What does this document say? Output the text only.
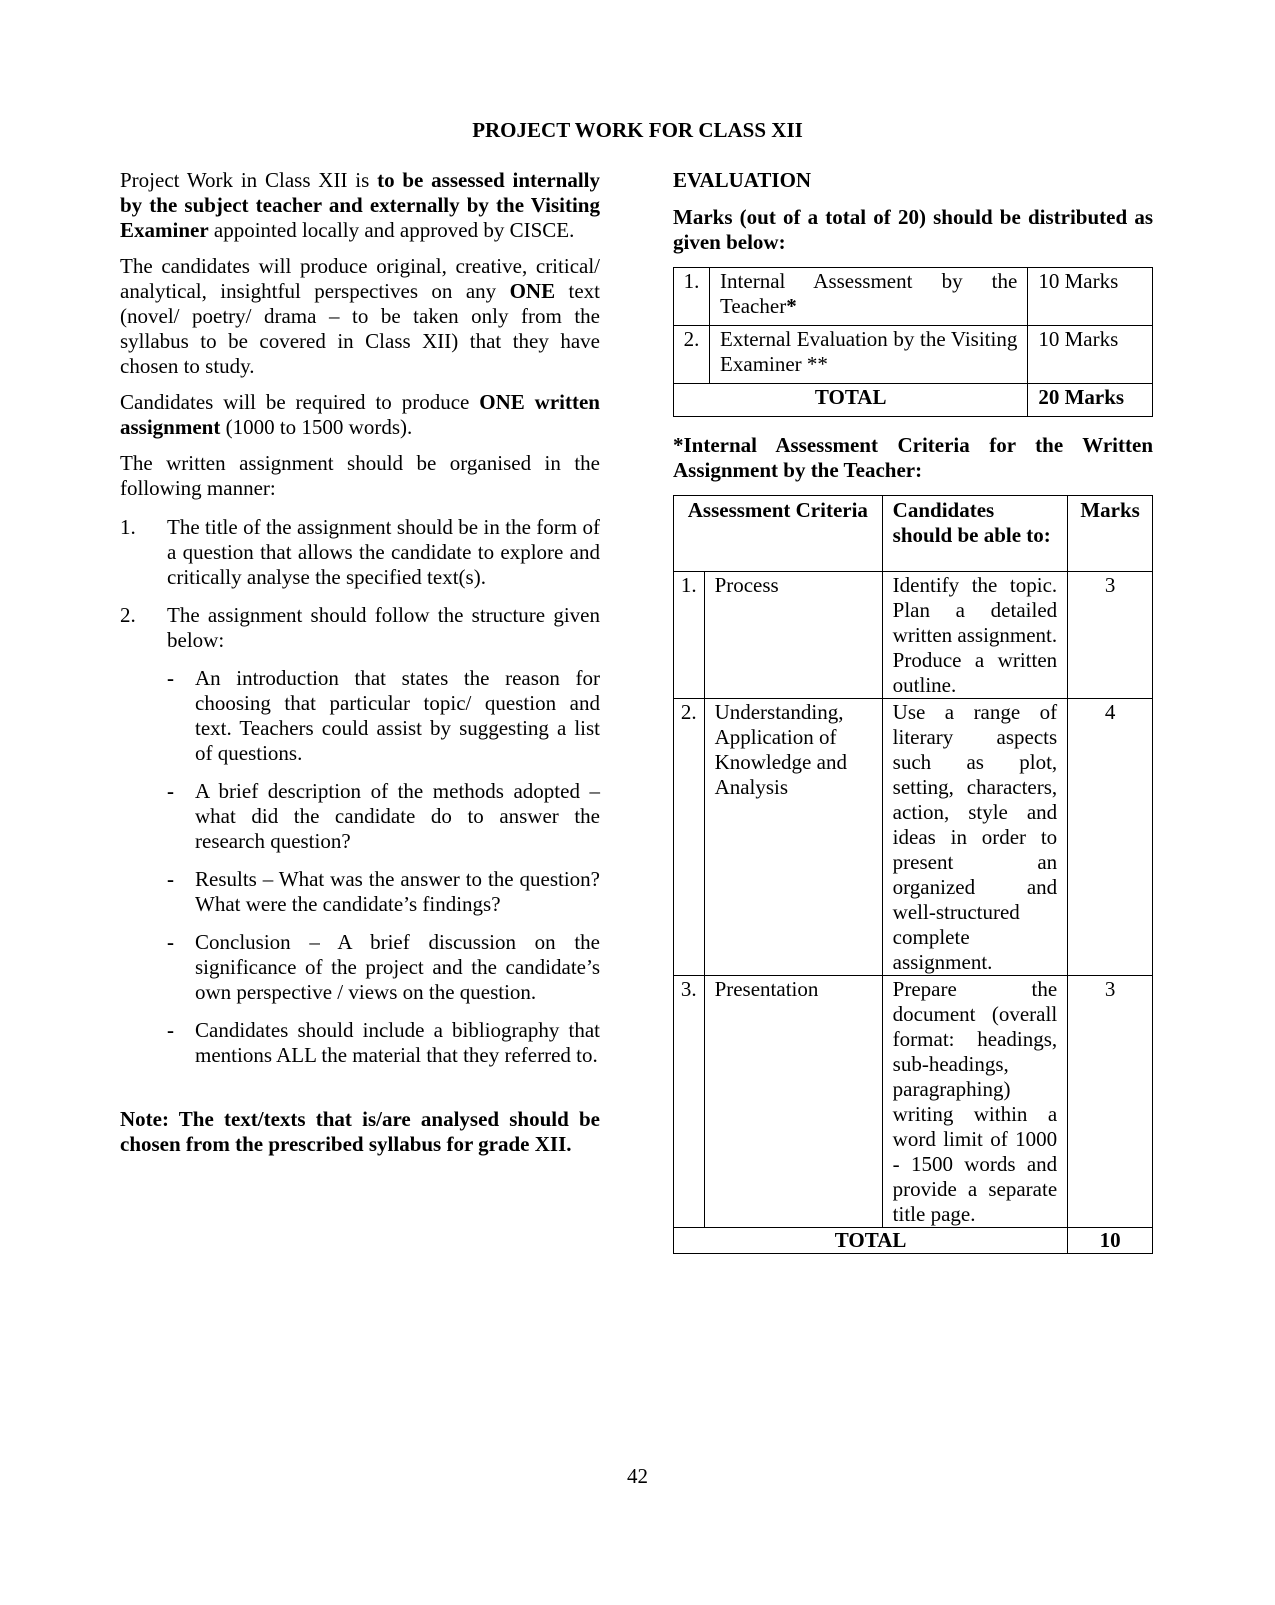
PROJECT WORK FOR CLASS XII

Project Work in Class XII is to be assessed internally by the subject teacher and externally by the Visiting Examiner appointed locally and approved by CISCE.

The candidates will produce original, creative, critical/ analytical, insightful perspectives on any ONE text (novel/ poetry/ drama – to be taken only from the syllabus to be covered in Class XII) that they have chosen to study.

Candidates will be required to produce ONE written assignment (1000 to 1500 words).

The written assignment should be organised in the following manner:

1.	The title of the assignment should be in the form of a question that allows the candidate to explore and critically analyse the specified text(s).
2.	The assignment should follow the structure given below:
-	An introduction that states the reason for choosing that particular topic/ question and text. Teachers could assist by suggesting a list of questions.
-	A brief description of the methods adopted – what did the candidate do to answer the research question?
-	Results – What was the answer to the question? What were the candidate’s findings?
-	Conclusion – A brief discussion on the significance of the project and the candidate’s own perspective / views on the question.
-	Candidates should include a bibliography that mentions ALL the material that they referred to.
Note: The text/texts that is/are analysed should be chosen from the prescribed syllabus for grade XII.
EVALUATION
Marks (out of a total of 20) should be distributed as given below:
1.	Internal Assessment by the Teacher*	10 Marks
2.	External Evaluation by the Visiting Examiner **	10 Marks
TOTAL		20 Marks
*Internal Assessment Criteria for the Written Assignment by the Teacher:
Assessment Criteria		Candidates should be able to:	Marks
1.	Process	Identify the topic. Plan a detailed written assignment. Produce a written outline.	3
2.	Understanding, Application of Knowledge and Analysis	Use a range of literary aspects such as plot, setting, characters, action, style and ideas in order to present an organized and well-structured complete assignment.	4
3.	Presentation	Prepare the document (overall format: headings, sub-headings, paragraphing) writing within a word limit of 1000 - 1500 words and provide a separate title page.	3
TOTAL			10
42
